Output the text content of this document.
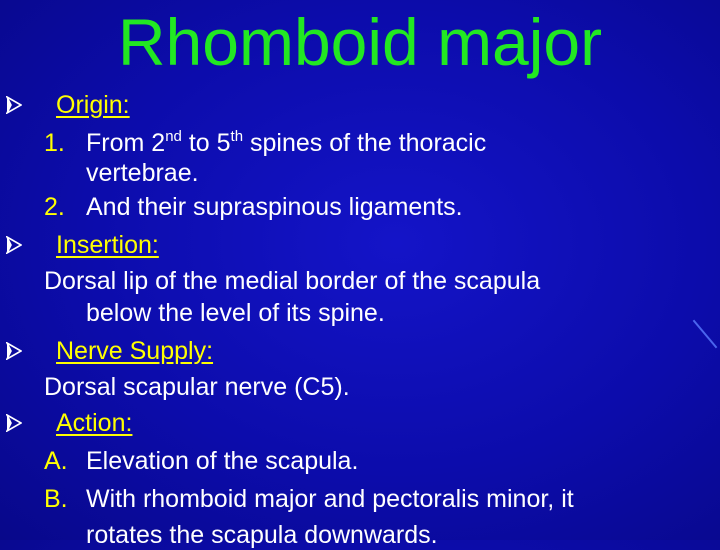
Rhomboid major
Origin:
1. From 2nd to 5th spines of the thoracic
vertebrae.
2. And their supraspinous ligaments.
Insertion:
Dorsal lip of the medial border of the scapula
below the level of its spine.
Nerve Supply:
Dorsal scapular nerve (C5).
Action:
A. Elevation of the scapula.
B. With rhomboid major and pectoralis minor, it
rotates the scapula downwards.
